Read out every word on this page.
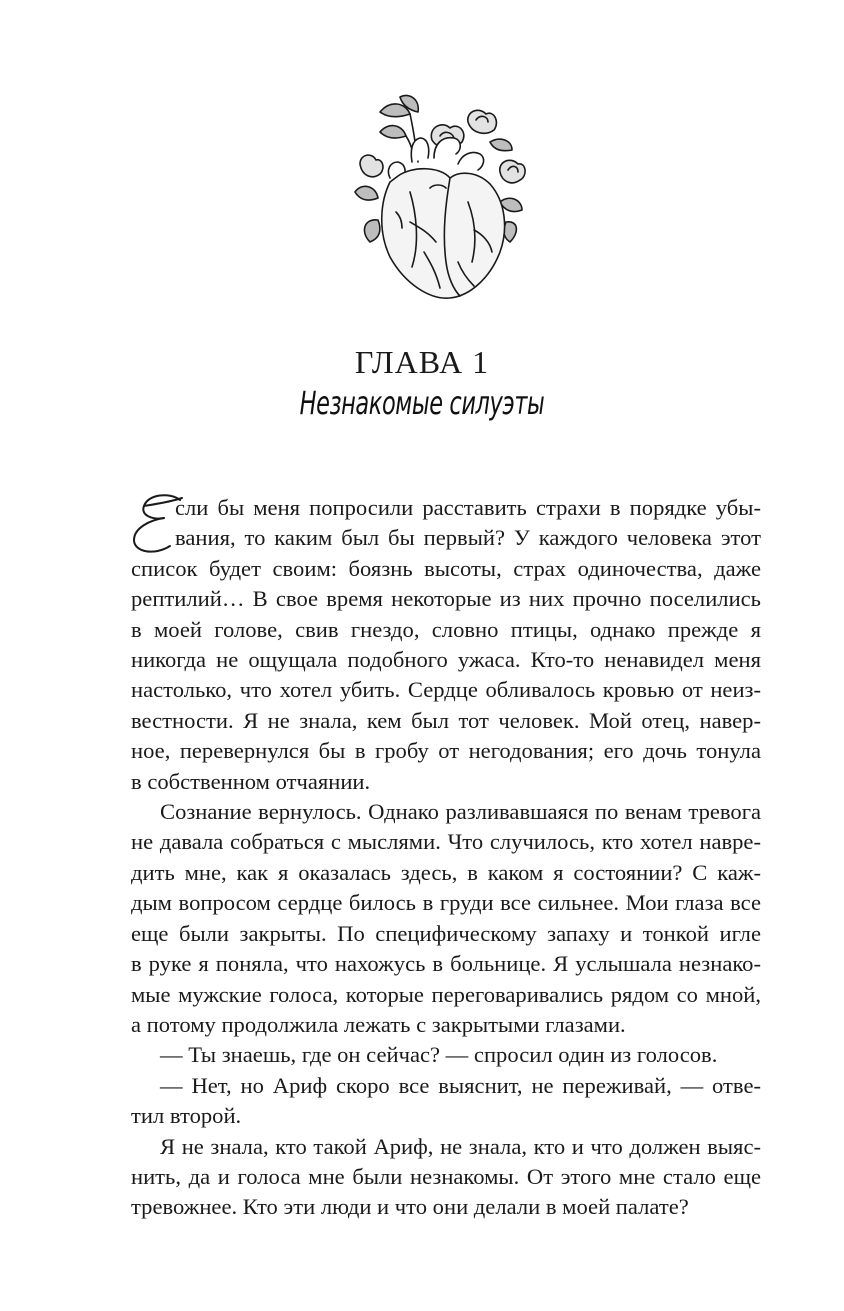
ГЛАВА 1
Незнакомые силуэты
сли бы меня попросили расставить страхи в порядке убы-
вания, то каким был бы первый? У каждого человека этот
список будет своим: боязнь высоты, страх одиночества, даже
рептилий… В свое время некоторые из них прочно поселились
в моей голове, свив гнездо, словно птицы, однако прежде я
никогда не ощущала подобного ужаса. Кто-то ненавидел меня
настолько, что хотел убить. Сердце обливалось кровью от неиз-
вестности. Я не знала, кем был тот человек. Мой отец, навер-
ное, перевернулся бы в гробу от негодования; его дочь тонула
в собственном отчаянии.
Сознание вернулось. Однако разливавшаяся по венам тревога
не давала собраться с мыслями. Что случилось, кто хотел навре-
дить мне, как я оказалась здесь, в каком я состоянии? С каж-
дым вопросом сердце билось в груди все сильнее. Мои глаза все
еще были закрыты. По специфическому запаху и тонкой игле
в руке я поняла, что нахожусь в больнице. Я услышала незнако-
мые мужские голоса, которые переговаривались рядом со мной,
а потому продолжила лежать с закрытыми глазами.
— Ты знаешь, где он сейчас? — спросил один из голосов.
— Нет, но Ариф скоро все выяснит, не переживай, — отве-
тил второй.
Я не знала, кто такой Ариф, не знала, кто и что должен выяс-
нить, да и голоса мне были незнакомы. От этого мне стало еще
тревожнее. Кто эти люди и что они делали в моей палате?
